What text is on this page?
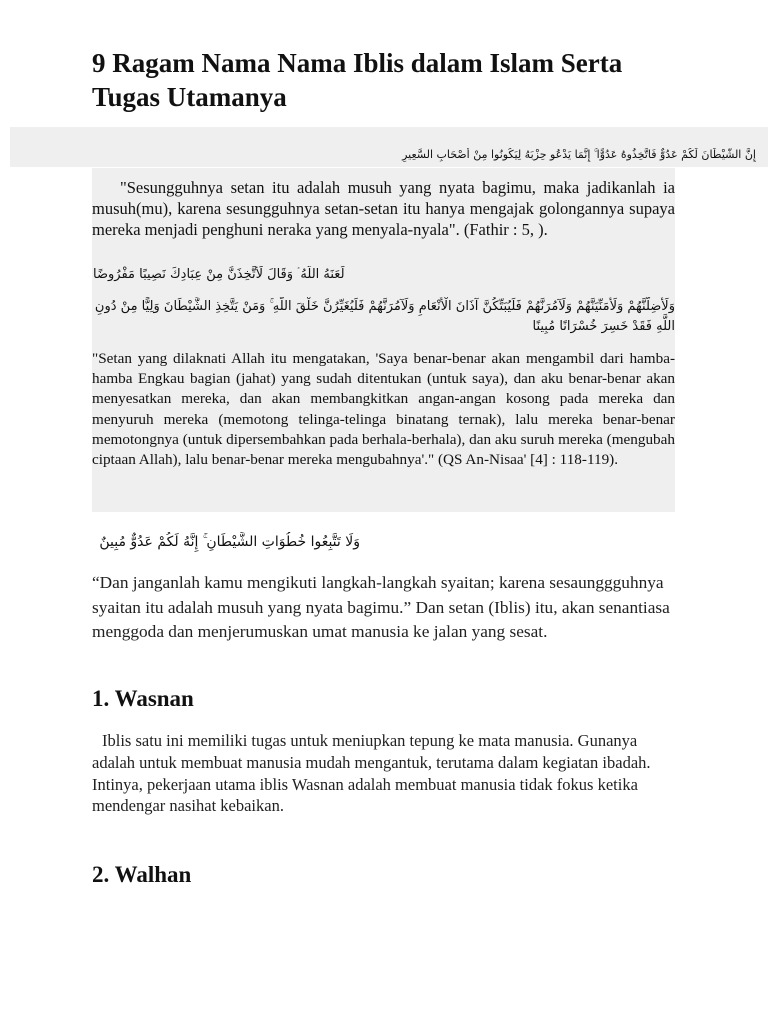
9 Ragam Nama Nama Iblis dalam Islam Serta Tugas Utamanya
إِنَّ الشَّيْطَانَ لَكُمْ عَدُوٌّ فَاتَّخِذُوهُ عَدُوًّا ۚ إِنَّمَا يَدْعُو حِزْبَهُ لِيَكُونُوا مِنْ أَصْحَابِ السَّعِيرِ

"Sesungguhnya setan itu adalah musuh yang nyata bagimu, maka jadikanlah ia musuh(mu), karena sesungguhnya setan-setan itu hanya mengajak golongannya supaya mereka menjadi penghuni neraka yang menyala-nyala". (Fathir : 5, ).

لَعَنَهُ اللَّهُ ۘ وَقَالَ لَأَتَّخِذَنَّ مِنْ عِبَادِكَ نَصِيبًا مَفْرُوضًا
وَلَأُضِلَّنَّهُمْ وَلَأُمَنِّيَنَّهُمْ وَلَآمُرَنَّهُمْ فَلَيُبَتِّكُنَّ آذَانَ الْأَنْعَامِ وَلَآمُرَنَّهُمْ فَلَيُغَيِّرُنَّ خَلْقَ اللَّهِ ۚ وَمَنْ يَتَّخِذِ الشَّيْطَانَ وَلِيًّا مِنْ دُونِ اللَّهِ فَقَدْ خَسِرَ خُسْرَانًا مُبِينًا

"Setan yang dilaknati Allah itu mengatakan, 'Saya benar-benar akan mengambil dari hamba-hamba Engkau bagian (jahat) yang sudah ditentukan (untuk saya), dan aku benar-benar akan menyesatkan mereka, dan akan membangkitkan angan-angan kosong pada mereka dan menyuruh mereka (memotong telinga-telinga binatang ternak), lalu mereka benar-benar memotongnya (untuk dipersembahkan pada berhala-berhala), dan aku suruh mereka (mengubah ciptaan Allah), lalu benar-benar mereka mengubahnya'." (QS An-Nisaa' [4] : 118-119).

وَلَا تَتَّبِعُوا خُطُوَاتِ الشَّيْطَانِ ۚ إِنَّهُ لَكُمْ عَدُوٌّ مُبِينٌ

“Dan janganlah kamu mengikuti langkah-langkah syaitan; karena sesaunggguhnya syaitan itu adalah musuh yang nyata bagimu.” Dan setan (Iblis) itu, akan senantiasa menggoda dan menjerumuskan umat manusia ke jalan yang sesat.

1. Wasnan

Iblis satu ini memiliki tugas untuk meniupkan tepung ke mata manusia. Gunanya adalah untuk membuat manusia mudah mengantuk, terutama dalam kegiatan ibadah. Intinya, pekerjaan utama iblis Wasnan adalah membuat manusia tidak fokus ketika mendengar nasihat kebaikan.

2. Walhan
